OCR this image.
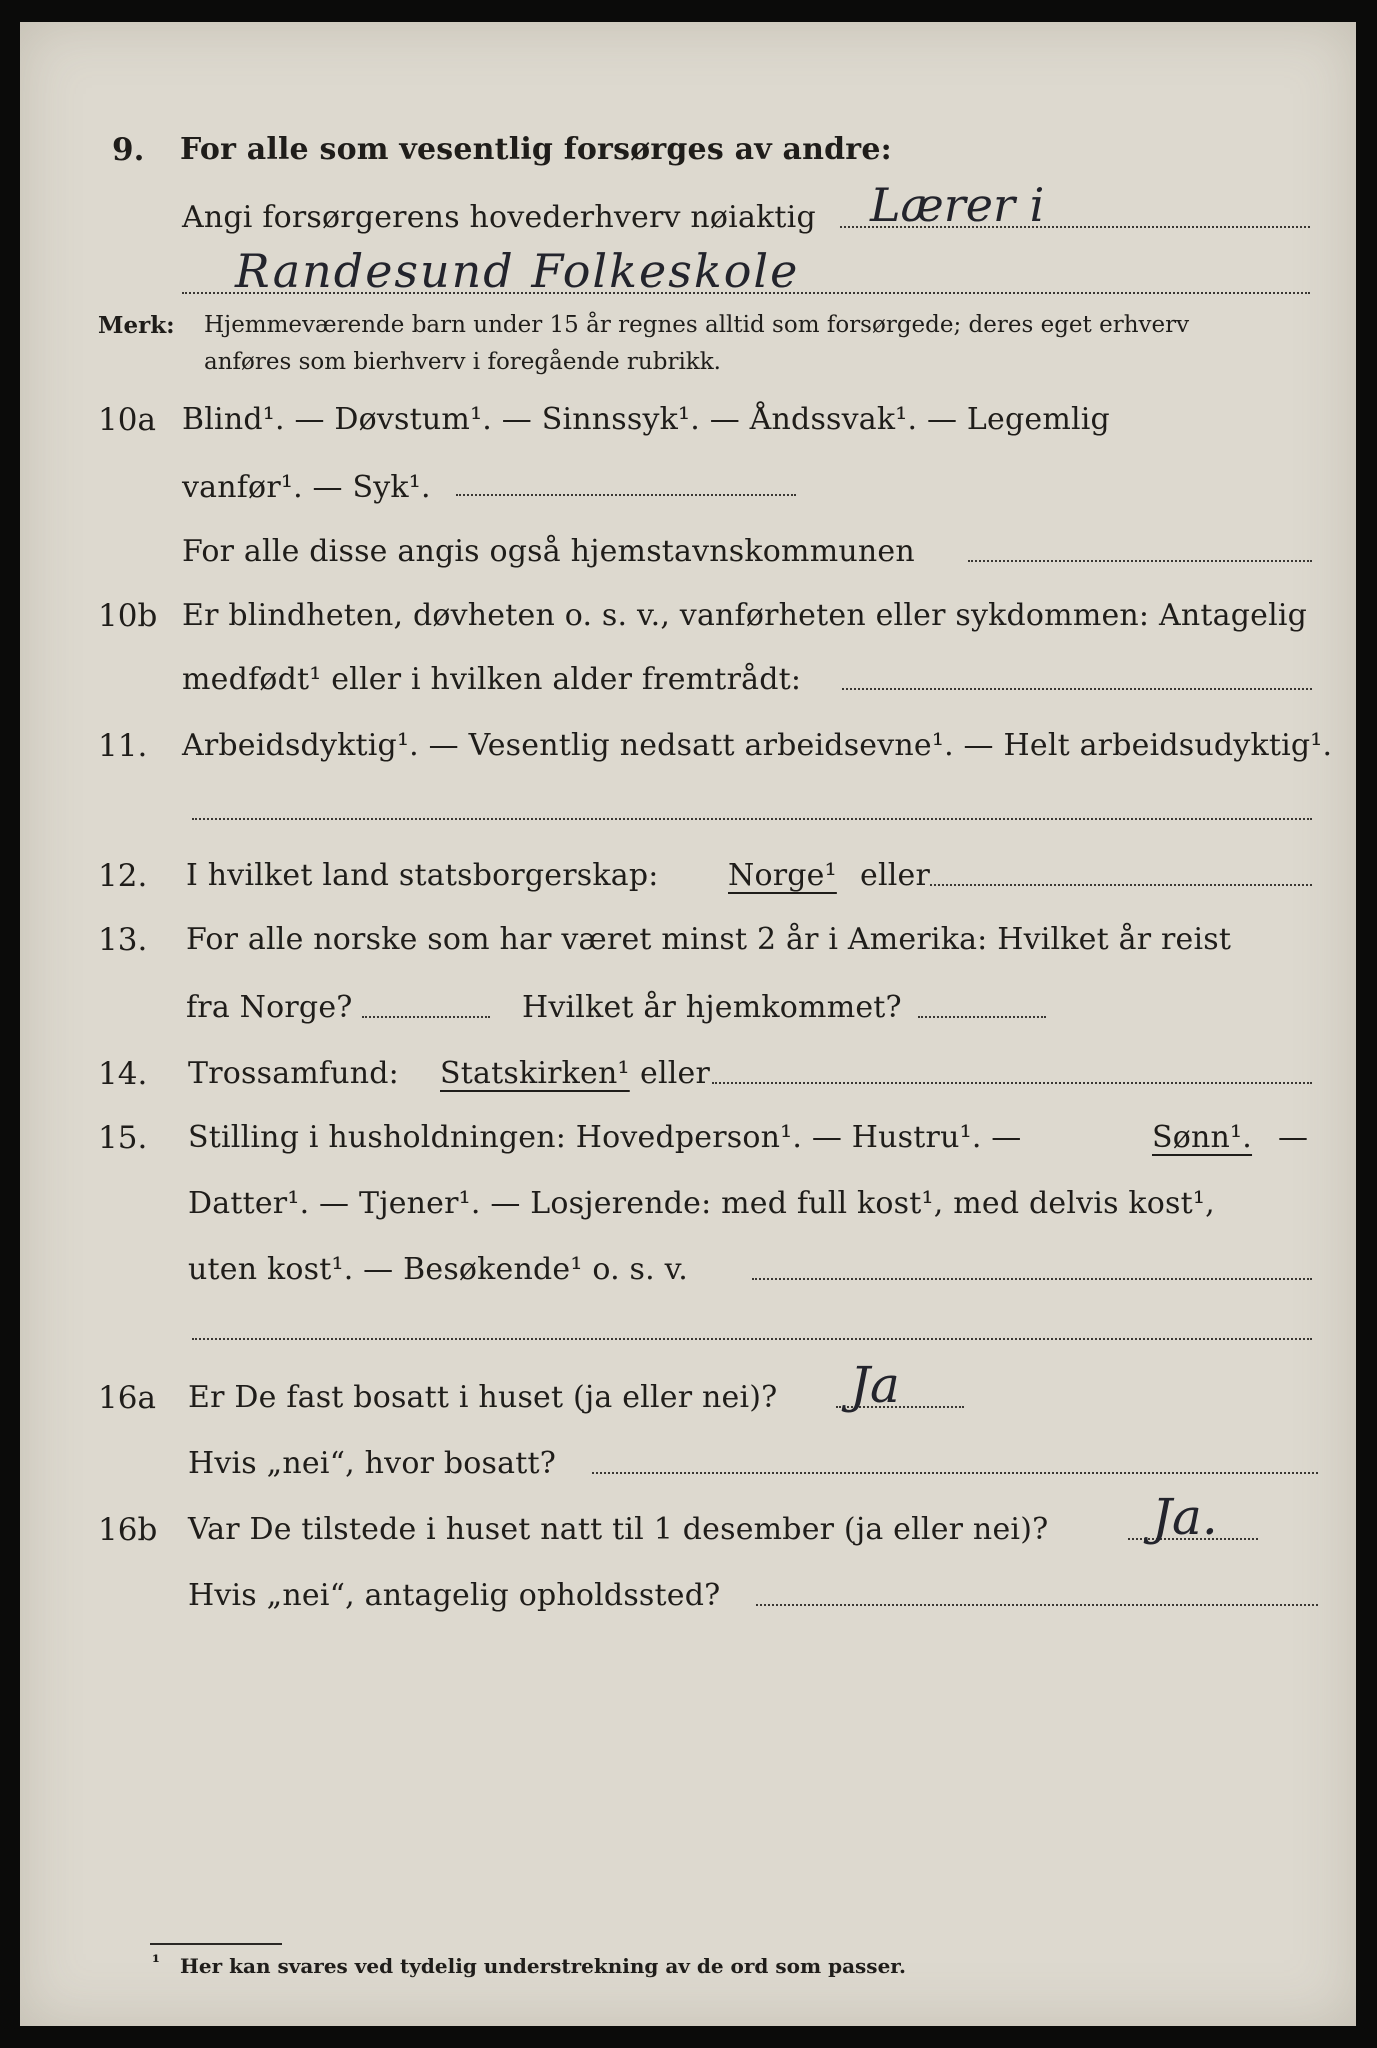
9. For alle som vesentlig forsørges av andre:
Angi forsørgerens hovederhverv nøiaktig Lærer i
Randesund Folkeskole
Merk: Hjemmeværende barn under 15 år regnes alltid som forsørgede; deres eget erhverv
anføres som bierhverv i foregående rubrikk.
10a Blind¹. — Døvstum¹. — Sinnssyk¹. — Åndssvak¹. — Legemlig
vanfør¹. — Syk¹.
For alle disse angis også hjemstavnskommunen
10b Er blindheten, døvheten o. s. v., vanførheten eller sykdommen: Antagelig
medfødt¹ eller i hvilken alder fremtrådt:
11. Arbeidsdyktig¹. — Vesentlig nedsatt arbeidsevne¹. — Helt arbeidsudyktig¹.
12. I hvilket land statsborgerskap: Norge¹ eller
13. For alle norske som har været minst 2 år i Amerika: Hvilket år reist
fra Norge?	Hvilket år hjemkommet?
14. Trossamfund: Statskirken¹ eller
15. Stilling i husholdningen: Hovedperson¹. — Hustru¹. —	Sønn¹. —
Datter¹. — Tjener¹. — Losjerende: med full kost¹, med delvis kost¹,
uten kost¹. — Besøkende¹ o. s. v.
16a Er De fast bosatt i huset (ja eller nei)? Ja
Hvis „nei“, hvor bosatt?
16b Var De tilstede i huset natt til 1 desember (ja eller nei)? Ja.
Hvis „nei“, antagelig opholdssted?
¹ Her kan svares ved tydelig understrekning av de ord som passer.
